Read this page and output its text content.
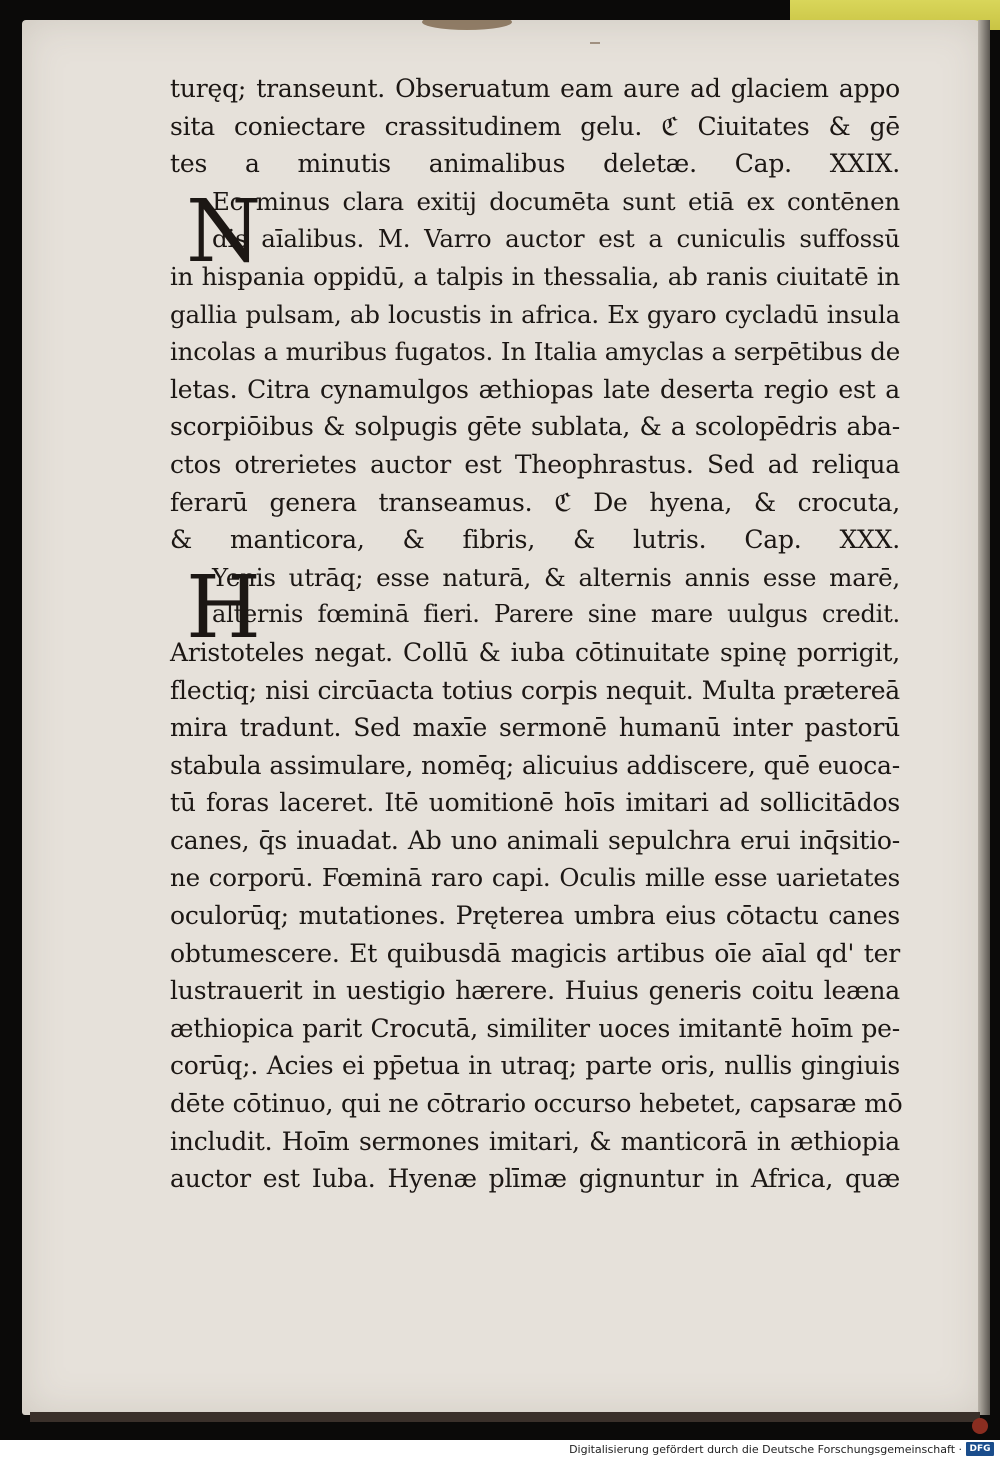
turęq; transeunt. Obseruatum eam aure ad glaciem appo
sita coniectare crassitudinem gelu. ℭ Ciuitates & gē
tes a minutis animalibus deletæ. Cap. XXIX.
Ec minus clara exitij documēta sunt etiā ex contēnen
dis aīalibus. M. Varro auctor est a cuniculis suffossū
in hispania oppidū, a talpis in thessalia, ab ranis ciuitatē in
gallia pulsam, ab locustis in africa. Ex gyaro cycladū insula
incolas a muribus fugatos. In Italia amyclas a serpētibus de
letas. Citra cynamulgos æthiopas late deserta regio est a
scorpiōibus & solpugis gēte sublata, & a scolopēdris aba-
ctos otrerietes auctor est Theophrastus. Sed ad reliqua
ferarū genera transeamus. ℭ De hyena, & crocuta,
& manticora, & fibris, & lutris. Cap. XXX.
Yenis utrāq; esse naturā, & alternis annis esse marē,
alternis fœminā fieri. Parere sine mare uulgus credit.
Aristoteles negat. Collū & iuba cōtinuitate spinę porrigit,
flectiq; nisi circūacta totius corpis nequit. Multa prætereā
mira tradunt. Sed maxīe sermonē humanū inter pastorū
stabula assimulare, nomēq; alicuius addiscere, quē euoca-
tū foras laceret. Itē uomitionē hoīs imitari ad sollicitādos
canes, q̄s inuadat. Ab uno animali sepulchra erui inq̄sitio-
ne corporū. Fœminā raro capi. Oculis mille esse uarietates
oculorūq; mutationes. Pręterea umbra eius cōtactu canes
obtumescere. Et quibusdā magicis artibus oīe aīal qd' ter
lustrauerit in uestigio hærere. Huius generis coitu leæna
æthiopica parit Crocutā, similiter uoces imitantē hoīm pe-
corūq;. Acies ei pp̄etua in utraq; parte oris, nullis gingiuis
dēte cōtinuo, qui ne cōtrario occurso hebetet, capsaræ mō
includit. Hoīm sermones imitari, & manticorā in æthiopia
auctor est Iuba. Hyenæ plīmæ gignuntur in Africa, quæ
N
H
Digitalisierung gefördert durch die Deutsche Forschungsgemeinschaft · DFG
